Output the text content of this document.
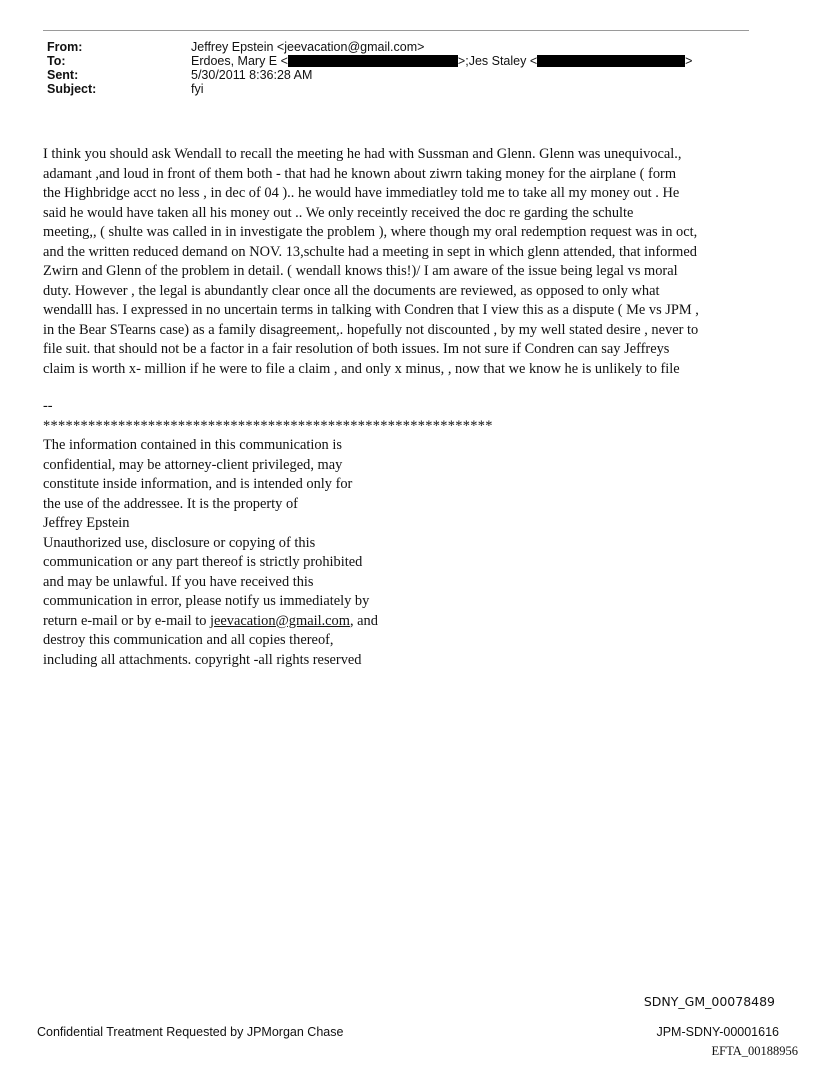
From:	Jeffrey Epstein <jeevacation@gmail.com>
To:	Erdoes, Mary E <	>;Jes Staley <	>
Sent:	5/30/2011 8:36:28 AM
Subject:	fyi
I think you should ask Wendall to recall the meeting he had with Sussman and Glenn. Glenn was unequivocal.,
adamant ,and loud in front of them both - that had he known about ziwrn taking money for the airplane ( form
the Highbridge acct no less , in dec of 04 ).. he would have immediatley told me to take all my money out . He
said he would have taken all his money out .. We only receintly received the doc re garding the schulte
meeting,, ( shulte was called in in investigate the problem ), where though my oral redemption request was in oct,
and the written reduced demand on NOV. 13,schulte had a meeting in sept in which glenn attended, that informed
Zwirn and Glenn of the problem in detail. ( wendall knows this!)/ I am aware of the issue being legal vs moral
duty. However , the legal is abundantly clear once all the documents are reviewed, as opposed to only what
wendalll has. I expressed in no uncertain terms in talking with Condren that I view this as a dispute ( Me vs JPM ,
in the Bear STearns case) as a family disagreement,. hopefully not discounted , by my well stated desire , never to
file suit. that should not be a factor in a fair resolution of both issues. Im not sure if Condren can say Jeffreys
claim is worth x- million if he were to file a claim , and only x minus, , now that we know he is unlikely to file
--
************************************************************
The information contained in this communication is
confidential, may be attorney-client privileged, may
constitute inside information, and is intended only for
the use of the addressee. It is the property of
Jeffrey Epstein
Unauthorized use, disclosure or copying of this
communication or any part thereof is strictly prohibited
and may be unlawful. If you have received this
communication in error, please notify us immediately by
return e-mail or by e-mail to jeevacation@gmail.com, and
destroy this communication and all copies thereof,
including all attachments. copyright -all rights reserved
SDNY_GM_00078489
Confidential Treatment Requested by JPMorgan Chase	JPM-SDNY-00001616
EFTA_00188956
